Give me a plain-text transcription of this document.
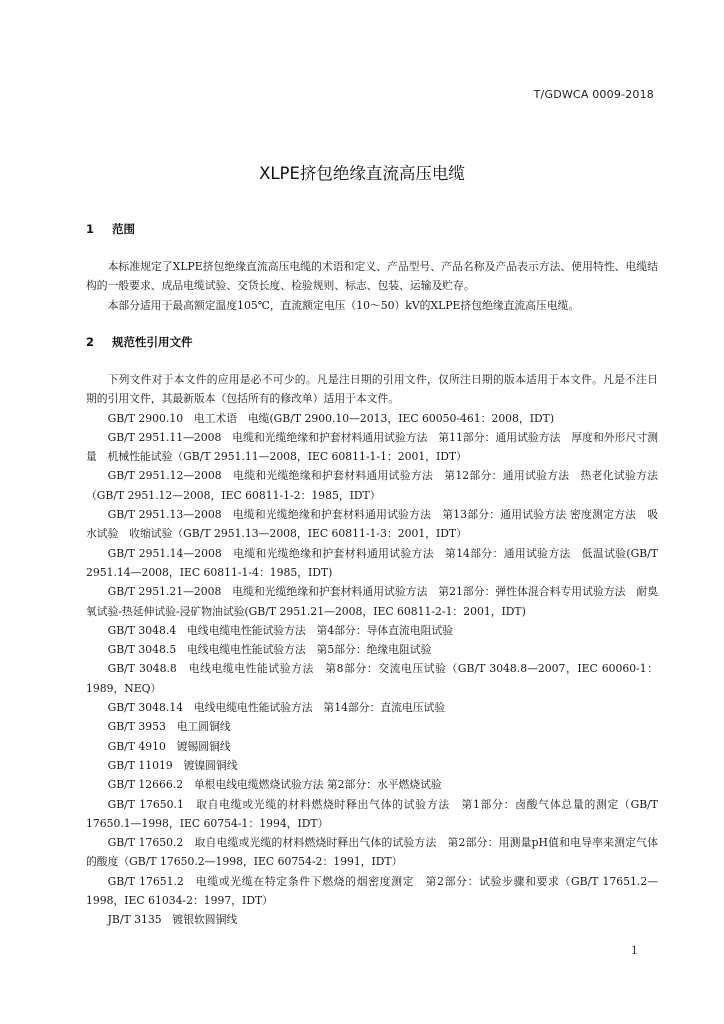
T/GDWCA 0009-2018
XLPE挤包绝缘直流高压电缆
1 范围

本标准规定了XLPE挤包绝缘直流高压电缆的术语和定义、产品型号、产品名称及产品表示方法、使用特性、电缆结构的一般要求、成品电缆试验、交货长度、检验规则、标志、包装、运输及贮存。

本部分适用于最高额定温度105℃，直流额定电压（10～50）kV的XLPE挤包绝缘直流高压电缆。

2 规范性引用文件

下列文件对于本文件的应用是必不可少的。凡是注日期的引用文件，仅所注日期的版本适用于本文件。凡是不注日期的引用文件，其最新版本（包括所有的修改单）适用于本文件。

GB/T 2900.10　电工术语　电缆(GB/T 2900.10—2013，IEC 60050-461：2008，IDT)

GB/T 2951.11—2008　电缆和光缆绝缘和护套材料通用试验方法　第11部分：通用试验方法　厚度和外形尺寸测量　机械性能试验（GB/T 2951.11—2008，IEC 60811-1-1：2001，IDT）

GB/T 2951.12—2008　电缆和光缆绝缘和护套材料通用试验方法　第12部分：通用试验方法　热老化试验方法（GB/T 2951.12—2008，IEC 60811-1-2：1985，IDT）

GB/T 2951.13—2008　电缆和光缆绝缘和护套材料通用试验方法　第13部分：通用试验方法 密度测定方法　吸水试验　收缩试验（GB/T 2951.13—2008，IEC 60811-1-3：2001，IDT）

GB/T 2951.14—2008　电缆和光缆绝缘和护套材料通用试验方法　第14部分：通用试验方法　低温试验(GB/T 2951.14—2008，IEC 60811-1-4：1985，IDT)

GB/T 2951.21—2008　电缆和光缆绝缘和护套材料通用试验方法　第21部分：弹性体混合料专用试验方法　耐臭氧试验-热延伸试验-浸矿物油试验(GB/T 2951.21—2008，IEC 60811-2-1：2001，IDT)

GB/T 3048.4　电线电缆电性能试验方法　第4部分：导体直流电阻试验

GB/T 3048.5　电线电缆电性能试验方法　第5部分：绝缘电阻试验

GB/T 3048.8　电线电缆电性能试验方法　第8部分：交流电压试验（GB/T 3048.8—2007，IEC 60060-1：1989，NEQ）

GB/T 3048.14　电线电缆电性能试验方法　第14部分：直流电压试验

GB/T 3953　电工圆铜线

GB/T 4910　镀锡圆铜线

GB/T 11019　镀镍圆铜线

GB/T 12666.2　单根电线电缆燃烧试验方法 第2部分：水平燃烧试验

GB/T 17650.1　取自电缆或光缆的材料燃烧时释出气体的试验方法　第1部分：卤酸气体总量的测定（GB/T 17650.1—1998，IEC 60754-1：1994，IDT）

GB/T 17650.2　取自电缆或光缆的材料燃烧时释出气体的试验方法　第2部分：用测量pH值和电导率来测定气体的酸度（GB/T 17650.2—1998，IEC 60754-2：1991，IDT）

GB/T 17651.2　电缆或光缆在特定条件下燃烧的烟密度测定　第2部分：试验步骤和要求（GB/T 17651.2—1998，IEC 61034-2：1997，IDT）

JB/T 3135　镀银软圆铜线

1
